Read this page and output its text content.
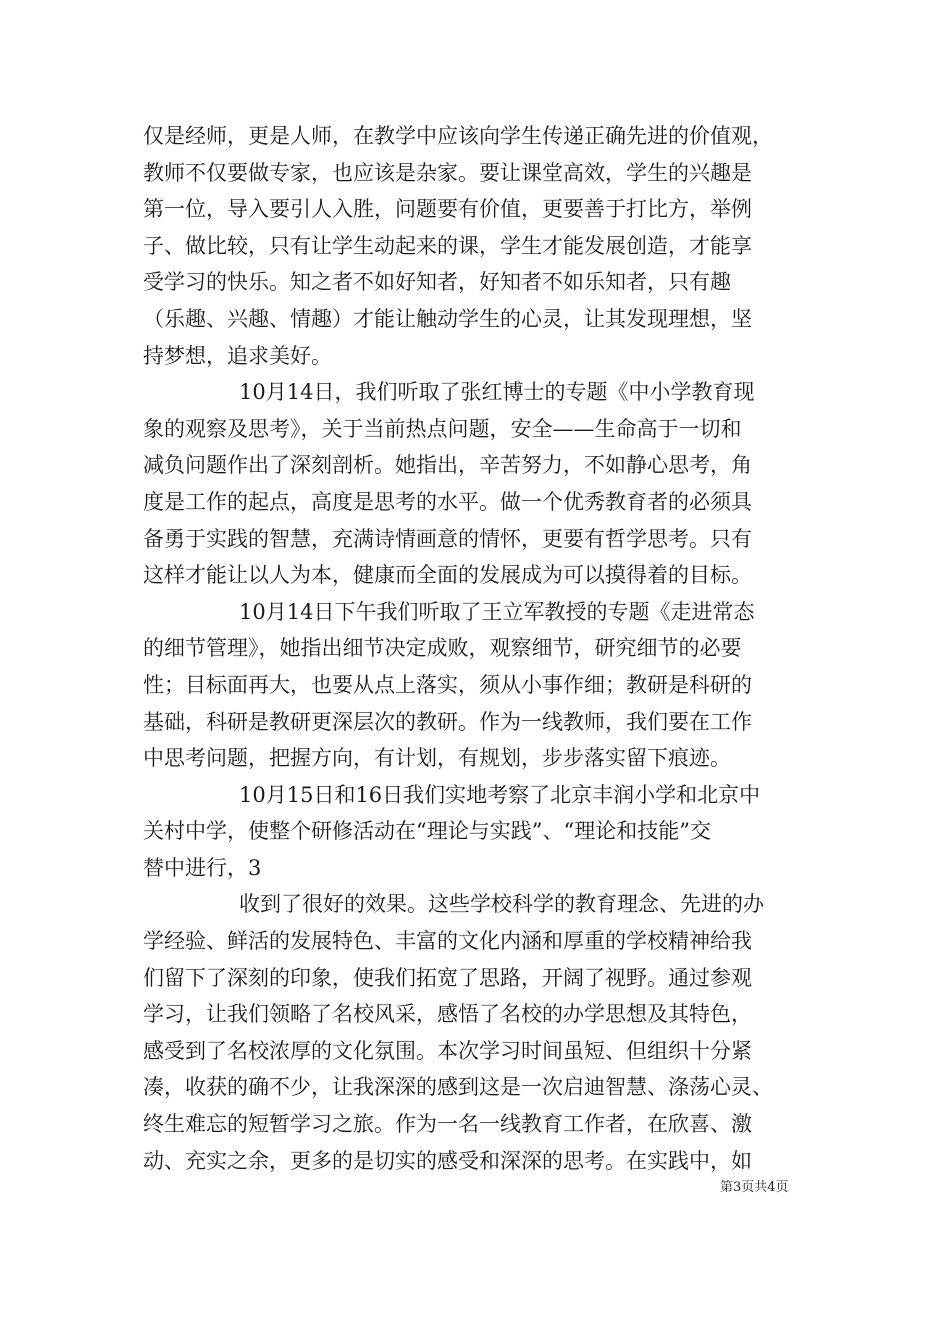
仅是经师，更是人师，在教学中应该向学生传递正确先进的价值观，
教师不仅要做专家，也应该是杂家。要让课堂高效，学生的兴趣是
第一位，导入要引人入胜，问题要有价值，更要善于打比方，举例
子、做比较，只有让学生动起来的课，学生才能发展创造，才能享
受学习的快乐。知之者不如好知者，好知者不如乐知者，只有趣
（乐趣、兴趣、情趣）才能让触动学生的心灵，让其发现理想，坚
持梦想，追求美好。
10月14日，我们听取了张红博士的专题《中小学教育现
象的观察及思考》，关于当前热点问题，安全——生命高于一切和
减负问题作出了深刻剖析。她指出，辛苦努力，不如静心思考，角
度是工作的起点，高度是思考的水平。做一个优秀教育者的必须具
备勇于实践的智慧，充满诗情画意的情怀，更要有哲学思考。只有
这样才能让以人为本，健康而全面的发展成为可以摸得着的目标。
10月14日下午我们听取了王立军教授的专题《走进常态
的细节管理》，她指出细节决定成败，观察细节，研究细节的必要
性；目标面再大，也要从点上落实，须从小事作细；教研是科研的
基础，科研是教研更深层次的教研。作为一线教师，我们要在工作
中思考问题，把握方向，有计划，有规划，步步落实留下痕迹。
10月15日和16日我们实地考察了北京丰润小学和北京中
关村中学，使整个研修活动在“理论与实践”、“理论和技能”交
替中进行，3
收到了很好的效果。这些学校科学的教育理念、先进的办
学经验、鲜活的发展特色、丰富的文化内涵和厚重的学校精神给我
们留下了深刻的印象，使我们拓宽了思路，开阔了视野。通过参观
学习，让我们领略了名校风采，感悟了名校的办学思想及其特色，
感受到了名校浓厚的文化氛围。本次学习时间虽短、但组织十分紧
凑，收获的确不少，让我深深的感到这是一次启迪智慧、涤荡心灵、
终生难忘的短暂学习之旅。作为一名一线教育工作者，在欣喜、激
动、充实之余，更多的是切实的感受和深深的思考。在实践中，如
第3页共4页
